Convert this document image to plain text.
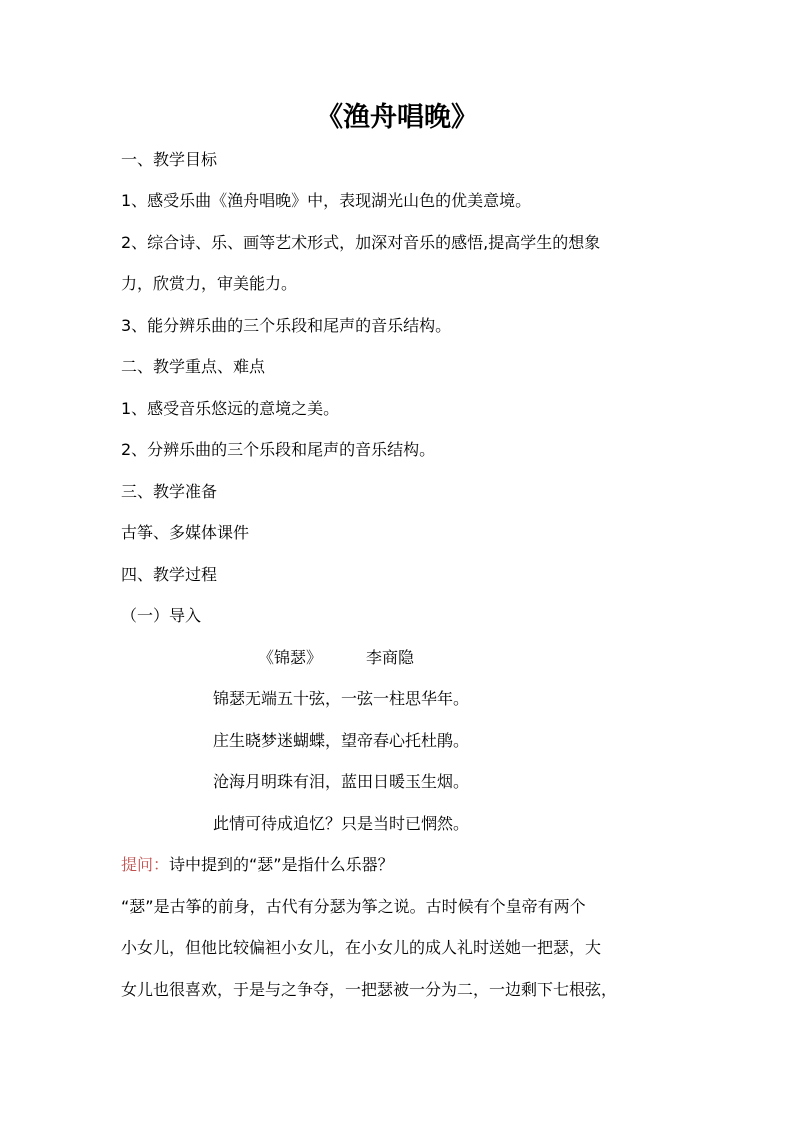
《渔舟唱晚》

一、教学目标

1、感受乐曲《渔舟唱晚》中，表现湖光山色的优美意境。

2、综合诗、乐、画等艺术形式，加深对音乐的感悟,提高学生的想象

力，欣赏力，审美能力。

3、能分辨乐曲的三个乐段和尾声的音乐结构。

二、教学重点、难点

1、感受音乐悠远的意境之美。

2、分辨乐曲的三个乐段和尾声的音乐结构。

三、教学准备

古筝、多媒体课件

四、教学过程

（一）导入

《锦瑟》	李商隐

锦瑟无端五十弦，一弦一柱思华年。

庄生晓梦迷蝴蝶，望帝春心托杜鹃。

沧海月明珠有泪，蓝田日暖玉生烟。

此情可待成追忆？只是当时已惘然。

提问：诗中提到的“瑟”是指什么乐器？

“瑟”是古筝的前身，古代有分瑟为筝之说。古时候有个皇帝有两个

小女儿，但他比较偏袒小女儿，在小女儿的成人礼时送她一把瑟，大

女儿也很喜欢，于是与之争夺，一把瑟被一分为二，一边剩下七根弦，
